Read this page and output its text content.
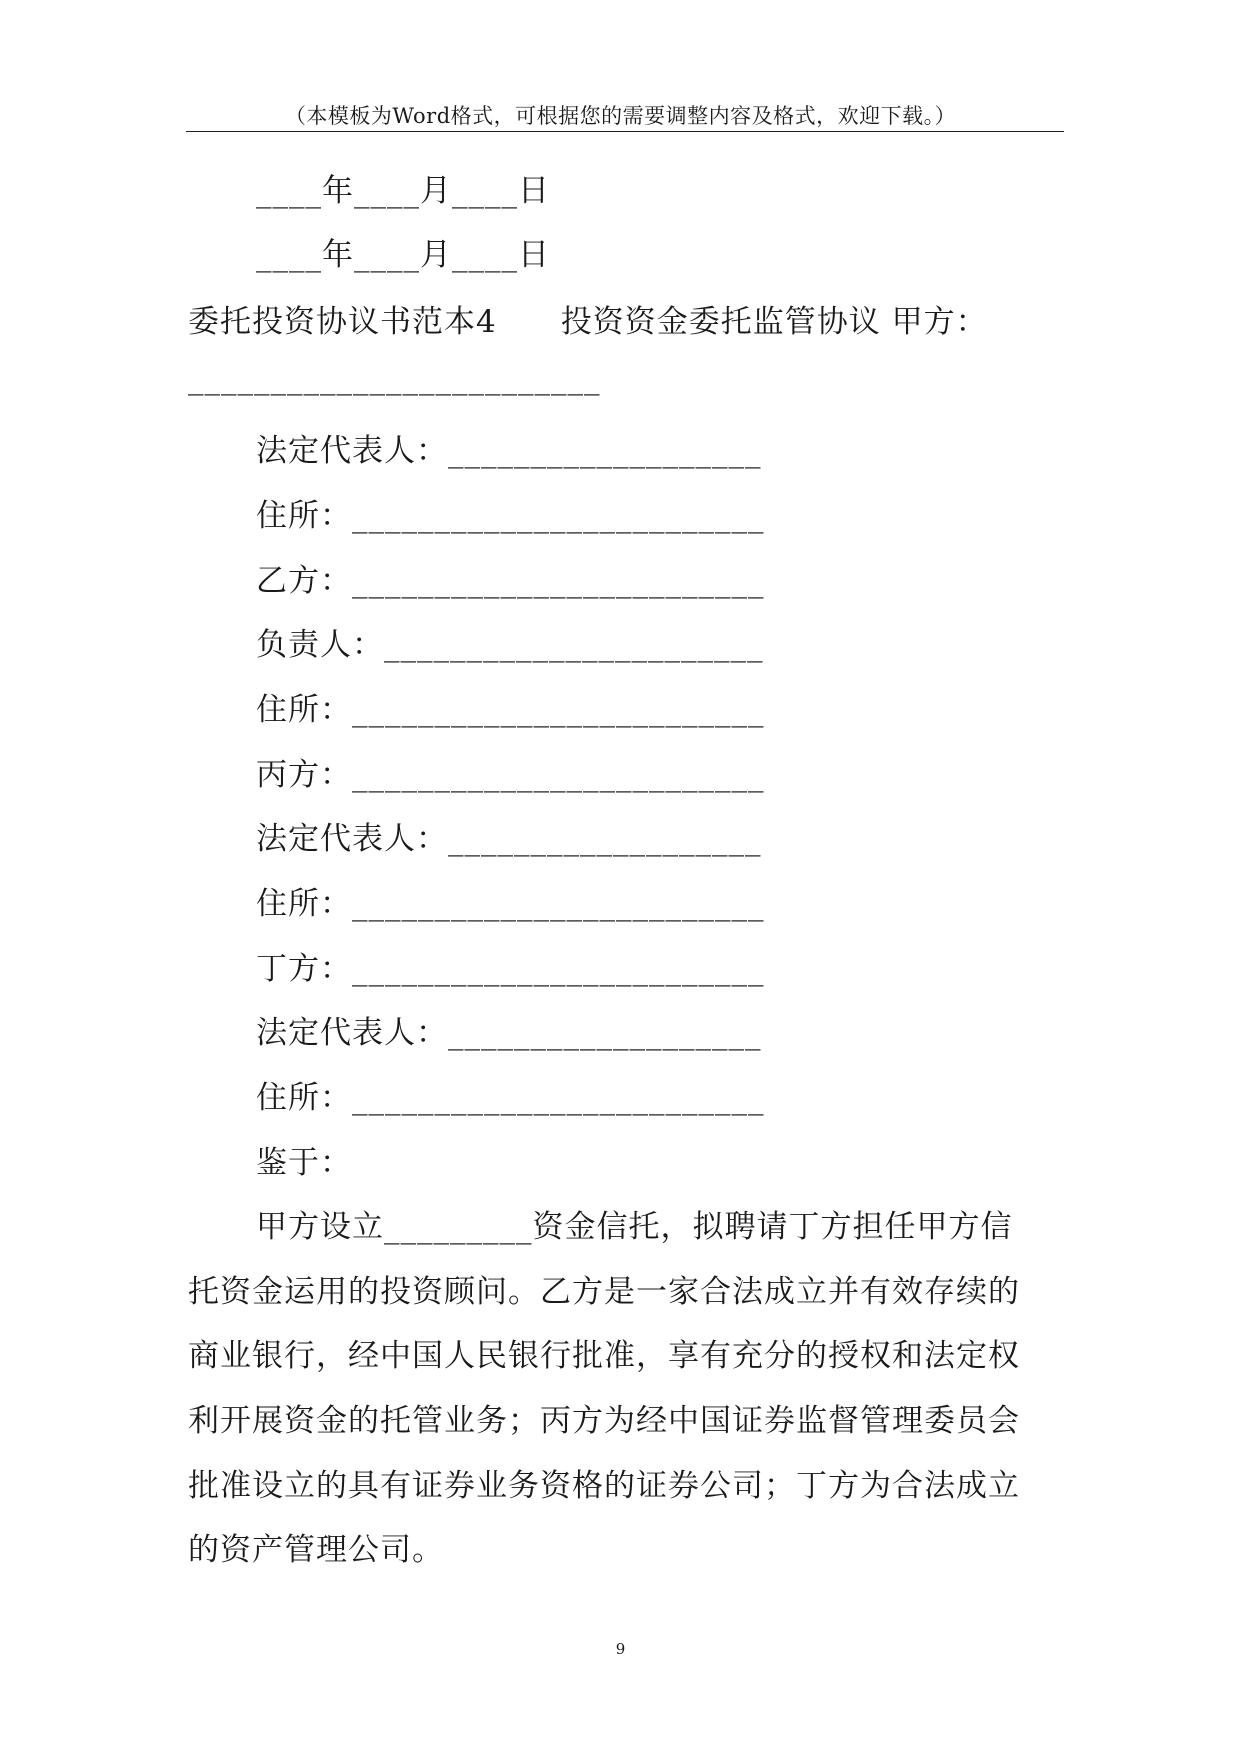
（本模板为Word格式，可根据您的需要调整内容及格式，欢迎下载。）
____年____月____日
____年____月____日
委托投资协议书范本4　　投资资金委托监管协议 甲方：
_________________________
法定代表人：___________________
住所：_________________________
乙方：_________________________
负责人：_______________________
住所：_________________________
丙方：_________________________
法定代表人：___________________
住所：_________________________
丁方：_________________________
法定代表人：___________________
住所：_________________________
鉴于：
甲方设立_________资金信托，拟聘请丁方担任甲方信
托资金运用的投资顾问。乙方是一家合法成立并有效存续的
商业银行，经中国人民银行批准，享有充分的授权和法定权
利开展资金的托管业务；丙方为经中国证券监督管理委员会
批准设立的具有证券业务资格的证券公司；丁方为合法成立
的资产管理公司。
9
